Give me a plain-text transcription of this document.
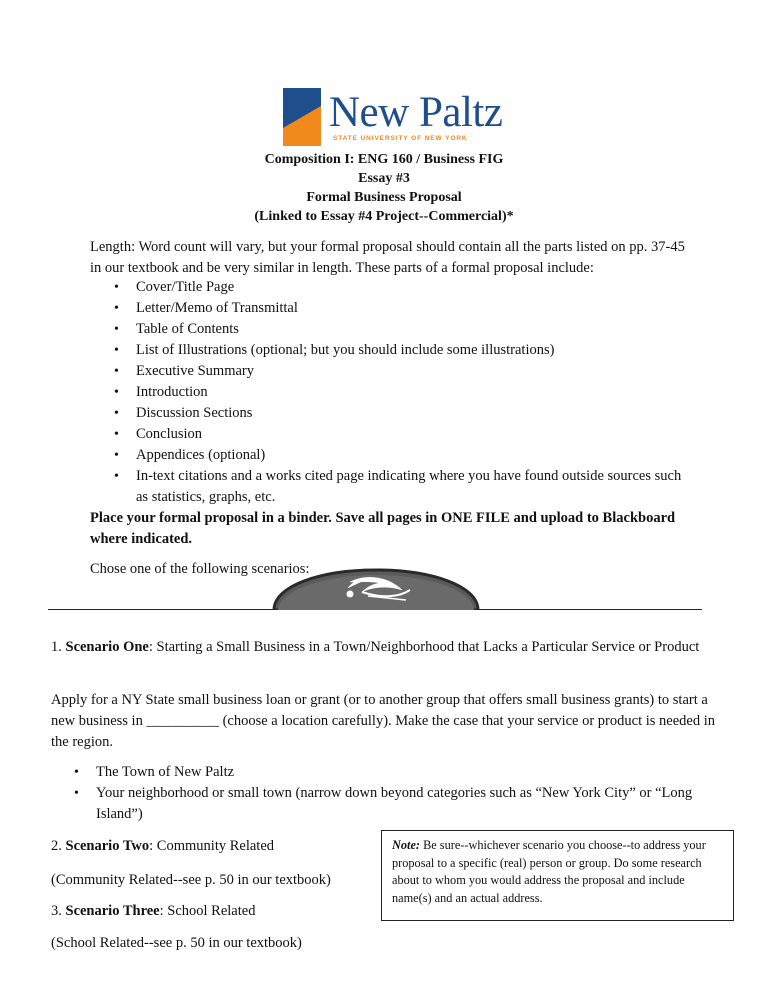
New Paltz
STATE UNIVERSITY OF NEW YORK
Composition I: ENG 160 / Business FIG
Essay #3
Formal Business Proposal
(Linked to Essay #4 Project--Commercial)*
Length: Word count will vary, but your formal proposal should contain all the parts listed on pp. 37-45 in our textbook and be very similar in length. These parts of a formal proposal include:
• Cover/Title Page
• Letter/Memo of Transmittal
• Table of Contents
• List of Illustrations (optional; but you should include some illustrations)
• Executive Summary
• Introduction
• Discussion Sections
• Conclusion
• Appendices (optional)
• In-text citations and a works cited page indicating where you have found outside sources such as statistics, graphs, etc.
Place your formal proposal in a binder. Save all pages in ONE FILE and upload to Blackboard where indicated.
Chose one of the following scenarios:
1. Scenario One: Starting a Small Business in a Town/Neighborhood that Lacks a Particular Service or Product
Apply for a NY State small business loan or grant (or to another group that offers small business grants) to start a new business in __________ (choose a location carefully). Make the case that your service or product is needed in the region.
• The Town of New Paltz
• Your neighborhood or small town (narrow down beyond categories such as “New York City” or “Long Island”)
2. Scenario Two: Community Related
(Community Related--see p. 50 in our textbook)
3. Scenario Three: School Related
(School Related--see p. 50 in our textbook)
Note: Be sure--whichever scenario you choose--to address your proposal to a specific (real) person or group. Do some research about to whom you would address the proposal and include name(s) and an actual address.
